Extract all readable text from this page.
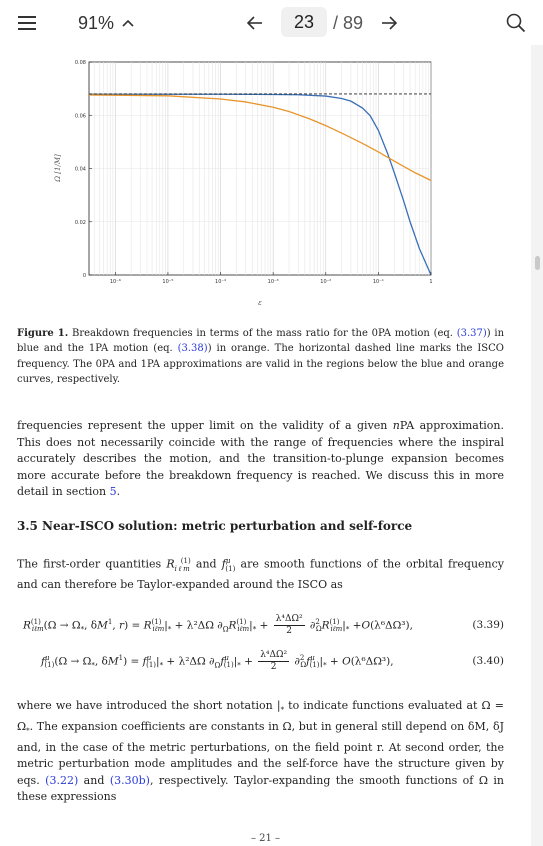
91%	23	/ 89
0.08
0.06
0.04
0.02
0
10⁻⁶	10⁻⁵	10⁻⁴	10⁻³	10⁻²	10⁻¹	1
Ω [1/M]
ε
Figure 1. Breakdown frequencies in terms of the mass ratio for the 0PA motion (eq. (3.37)) in blue and the 1PA motion (eq. (3.38)) in orange. The horizontal dashed line marks the ISCO frequency. The 0PA and 1PA approximations are valid in the regions below the blue and orange curves, respectively.
frequencies represent the upper limit on the validity of a given nPA approximation. This does not necessarily coincide with the range of frequencies where the inspiral accurately describes the motion, and the transition-to-plunge expansion becomes more accurate before the breakdown frequency is reached. We discuss this in more detail in section 5.
3.5 Near-ISCO solution: metric perturbation and self-force
The first-order quantities $R_{i\ell m}^{(1)}$ and $f^\mu_{(1)}$ are smooth functions of the orbital frequency and can therefore be Taylor-expanded around the ISCO as
$R^{(1)}_{i\ell m}(\Omega \to \Omega_*$, $\delta M^1$, $r) = R^{(1)}_{i\ell m}|_* + \lambda^2\Delta\Omega$ $\partial_\Omega R^{(1)}_{i\ell m}|_* + \frac{\text{λ⁴ΔΩ²}}{2} \partial^2_\Omega R^{(1)}_{i\ell m}|_* +O(\lambda^6\Delta\Omega^3)$,	(3.39)
$f^\mu_{(1)}(\Omega \to \Omega_*$, $\delta M^1) = f^\mu_{(1)}|_* + \lambda^2\Delta\Omega$ $\partial_\Omega f^\mu_{(1)}|_* + \frac{\text{λ⁴ΔΩ²}}{2} \partial^2_\Omega f^\mu_{(1)}|_* + O(\lambda^6\Delta\Omega^3)$,	(3.40)
where we have introduced the short notation $|_*$ to indicate functions evaluated at $\Omega = \Omega_*$. The expansion coefficients are constants in Ω, but in general still depend on δM, δJ and, in the case of the metric perturbations, on the field point r. At second order, the metric perturbation mode amplitudes and the self-force have the structure given by eqs. (3.22) and (3.30b), respectively. Taylor-expanding the smooth functions of Ω in these expressions
– 21 –
